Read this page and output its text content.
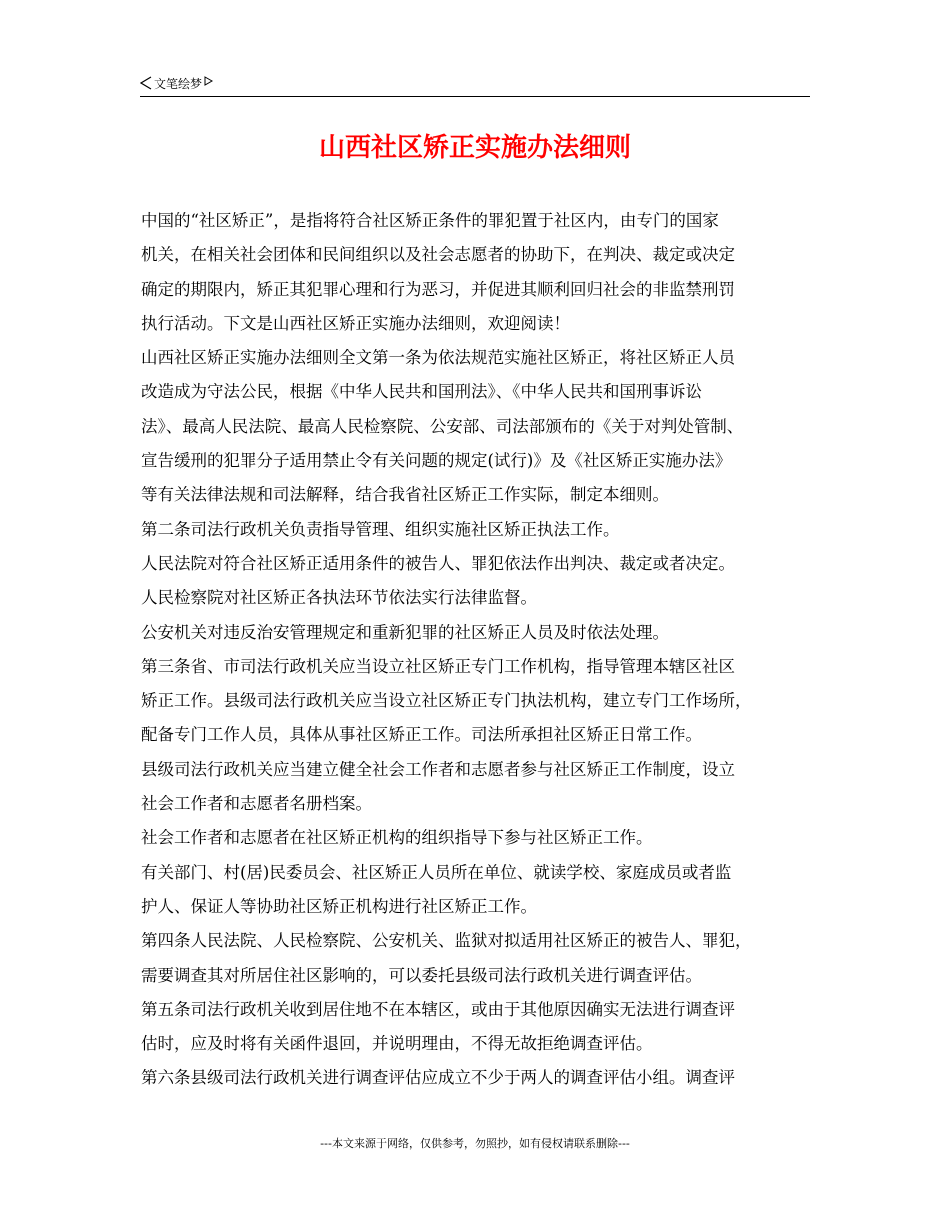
文笔绘梦
山西社区矫正实施办法细则
中国的“社区矫正”，是指将符合社区矫正条件的罪犯置于社区内，由专门的国家
机关，在相关社会团体和民间组织以及社会志愿者的协助下，在判决、裁定或决定
确定的期限内，矫正其犯罪心理和行为恶习，并促进其顺利回归社会的非监禁刑罚
执行活动。下文是山西社区矫正实施办法细则，欢迎阅读！
山西社区矫正实施办法细则全文第一条为依法规范实施社区矫正，将社区矫正人员
改造成为守法公民，根据《中华人民共和国刑法》、《中华人民共和国刑事诉讼
法》、最高人民法院、最高人民检察院、公安部、司法部颁布的《关于对判处管制、
宣告缓刑的犯罪分子适用禁止令有关问题的规定(试行)》及《社区矫正实施办法》
等有关法律法规和司法解释，结合我省社区矫正工作实际，制定本细则。
第二条司法行政机关负责指导管理、组织实施社区矫正执法工作。
人民法院对符合社区矫正适用条件的被告人、罪犯依法作出判决、裁定或者决定。
人民检察院对社区矫正各执法环节依法实行法律监督。
公安机关对违反治安管理规定和重新犯罪的社区矫正人员及时依法处理。
第三条省、市司法行政机关应当设立社区矫正专门工作机构，指导管理本辖区社区
矫正工作。县级司法行政机关应当设立社区矫正专门执法机构，建立专门工作场所，
配备专门工作人员，具体从事社区矫正工作。司法所承担社区矫正日常工作。
县级司法行政机关应当建立健全社会工作者和志愿者参与社区矫正工作制度，设立
社会工作者和志愿者名册档案。
社会工作者和志愿者在社区矫正机构的组织指导下参与社区矫正工作。
有关部门、村(居)民委员会、社区矫正人员所在单位、就读学校、家庭成员或者监
护人、保证人等协助社区矫正机构进行社区矫正工作。
第四条人民法院、人民检察院、公安机关、监狱对拟适用社区矫正的被告人、罪犯，
需要调查其对所居住社区影响的，可以委托县级司法行政机关进行调查评估。
第五条司法行政机关收到居住地不在本辖区，或由于其他原因确实无法进行调查评
估时，应及时将有关函件退回，并说明理由，不得无故拒绝调查评估。
第六条县级司法行政机关进行调查评估应成立不少于两人的调查评估小组。调查评
---本文来源于网络，仅供参考，勿照抄，如有侵权请联系删除---
